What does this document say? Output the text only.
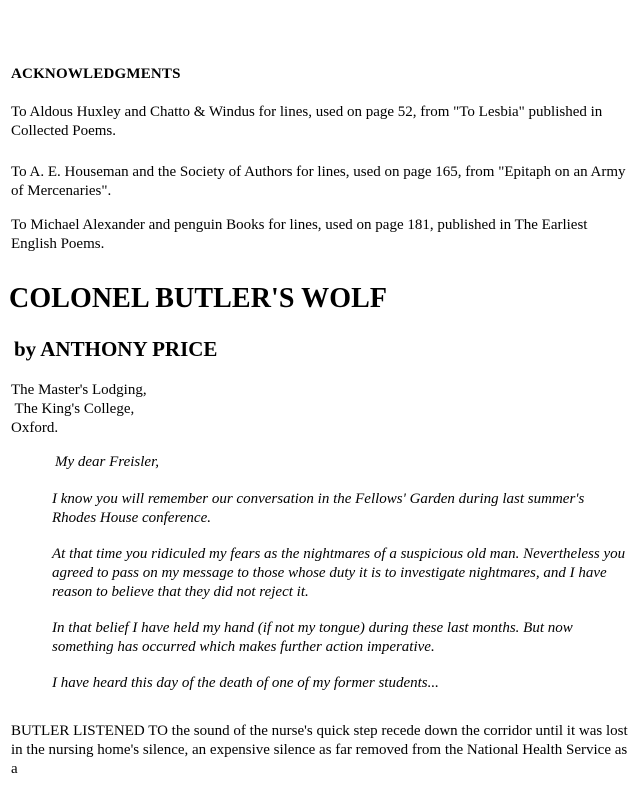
ACKNOWLEDGMENTS

To Aldous Huxley and Chatto & Windus for lines, used on page 52, from "To Lesbia" published in Collected Poems.

To A. E. Houseman and the Society of Authors for lines, used on page 165, from "Epitaph on an Army of Mercenaries".

To Michael Alexander and penguin Books for lines, used on page 181, published in The Earliest English Poems.

COLONEL BUTLER'S WOLF
by ANTHONY PRICE
The Master's Lodging,
The King's College,
Oxford.

My dear Freisler,

I know you will remember our conversation in the Fellows' Garden during last summer's Rhodes House conference.

At that time you ridiculed my fears as the nightmares of a suspicious old man. Nevertheless you agreed to pass on my message to those whose duty it is to investigate nightmares, and I have reason to believe that they did not reject it.

In that belief I have held my hand (if not my tongue) during these last months. But now something has occurred which makes further action imperative.

I have heard this day of the death of one of my former students...

BUTLER LISTENED TO the sound of the nurse's quick step recede down the corridor until it was lost in the nursing home's silence, an expensive silence as far removed from the National Health Service as a
